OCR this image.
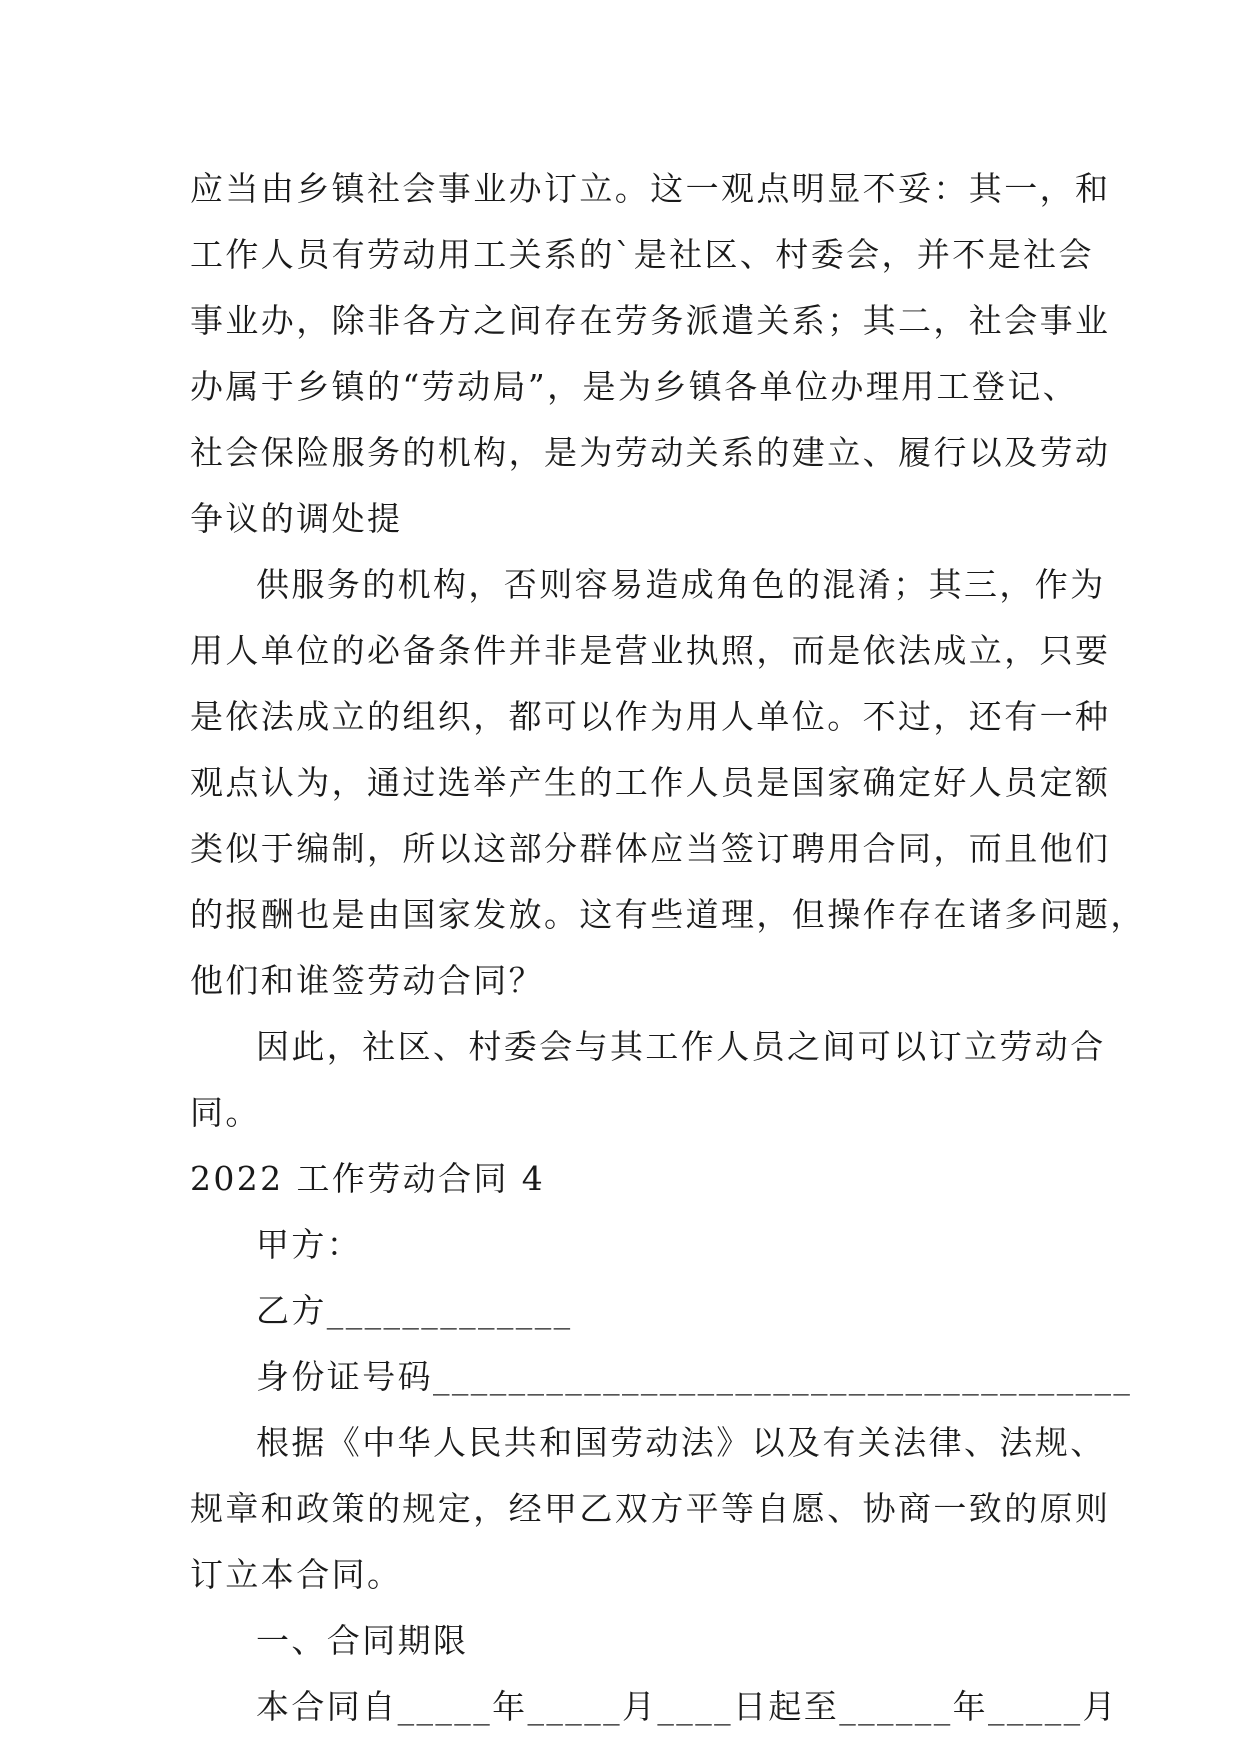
应当由乡镇社会事业办订立。这一观点明显不妥：其一，和

工作人员有劳动用工关系的`是社区、村委会，并不是社会

事业办，除非各方之间存在劳务派遣关系；其二，社会事业

办属于乡镇的“劳动局”，是为乡镇各单位办理用工登记、

社会保险服务的机构，是为劳动关系的建立、履行以及劳动

争议的调处提

供服务的机构，否则容易造成角色的混淆；其三，作为

用人单位的必备条件并非是营业执照，而是依法成立，只要

是依法成立的组织，都可以作为用人单位。不过，还有一种

观点认为，通过选举产生的工作人员是国家确定好人员定额

类似于编制，所以这部分群体应当签订聘用合同，而且他们

的报酬也是由国家发放。这有些道理，但操作存在诸多问题，

他们和谁签劳动合同？

因此，社区、村委会与其工作人员之间可以订立劳动合

同。

2022 工作劳动合同 4

甲方：

乙方_____________

身份证号码_____________________________________

根据《中华人民共和国劳动法》以及有关法律、法规、

规章和政策的规定，经甲乙双方平等自愿、协商一致的原则

订立本合同。

一、合同期限

本合同自_____年_____月____日起至______年_____月
